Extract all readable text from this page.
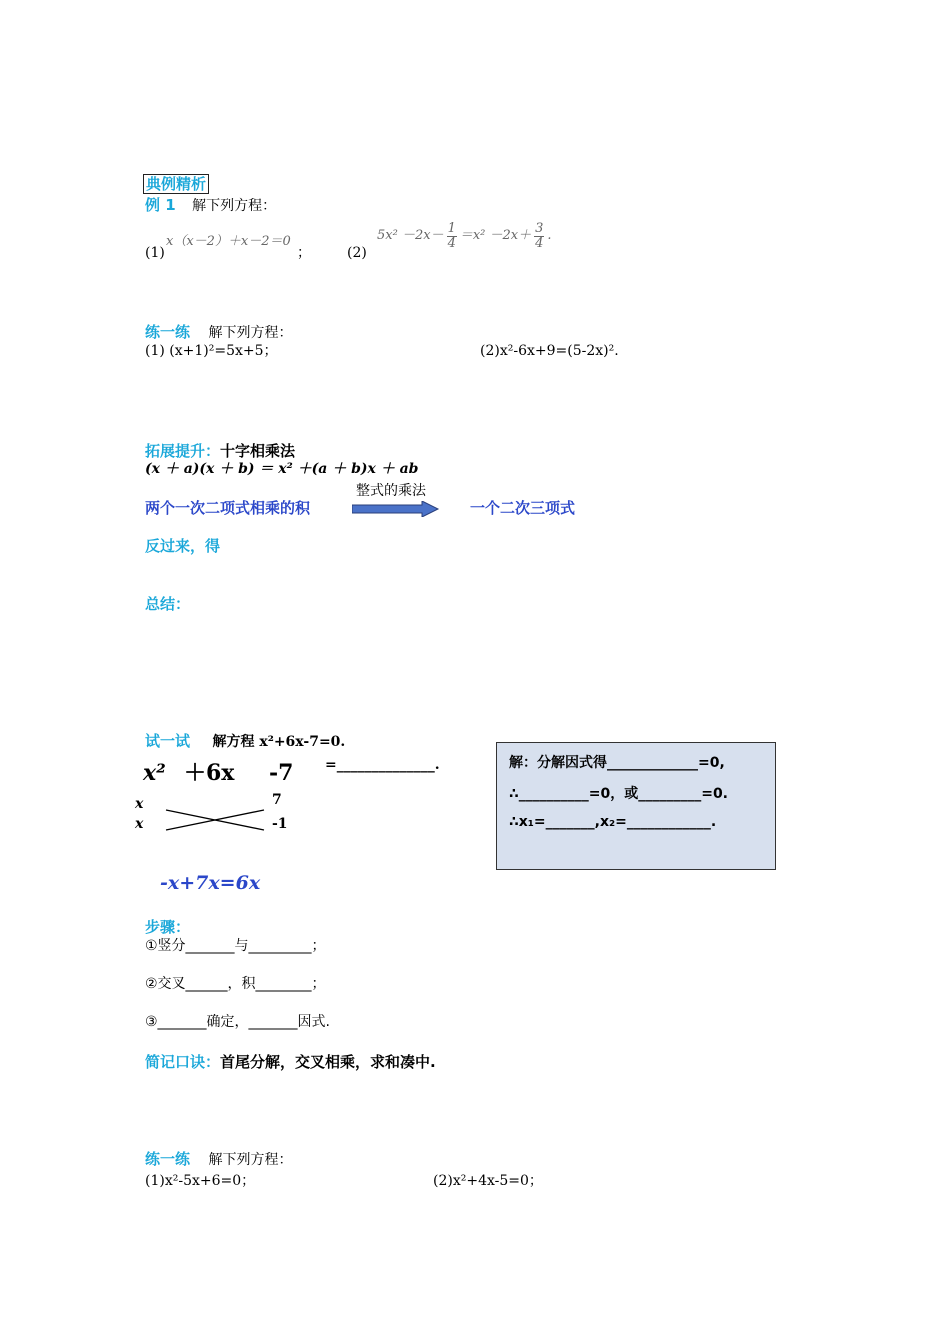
典例精析
例 1 解下列方程：
(1)
x（x－2）＋x－2＝0
；	(2)
$5x^2 -2x- \frac{1}{4} =x^2 -2x+ \frac{3}{4}$ .
练一练 解下列方程：
(1) (x+1)²=5x+5；	(2)x²-6x+9=(5-2x)².
拓展提升：十字相乘法
(x ＋ a)(x ＋ b) ＝ x² ＋(a ＋ b)x ＋ ab
两个一次二项式相乘的积
整式的乘法
一个二次三项式
反过来，得
总结：
试一试 解方程 x²+6x-7=0.
x² ＋6x -7 =______________.
x
x
7
-1
-x+7x=6x
解：分解因式得_____________=0,
∴__________=0，或_________=0.
∴x₁=_______,x₂=____________.
步骤：
①竖分_______与_________；
②交叉______，积________；
③_______确定，_______因式.
简记口诀：首尾分解，交叉相乘，求和凑中.
练一练 解下列方程：
(1)x²-5x+6=0；	(2)x²+4x-5=0；
